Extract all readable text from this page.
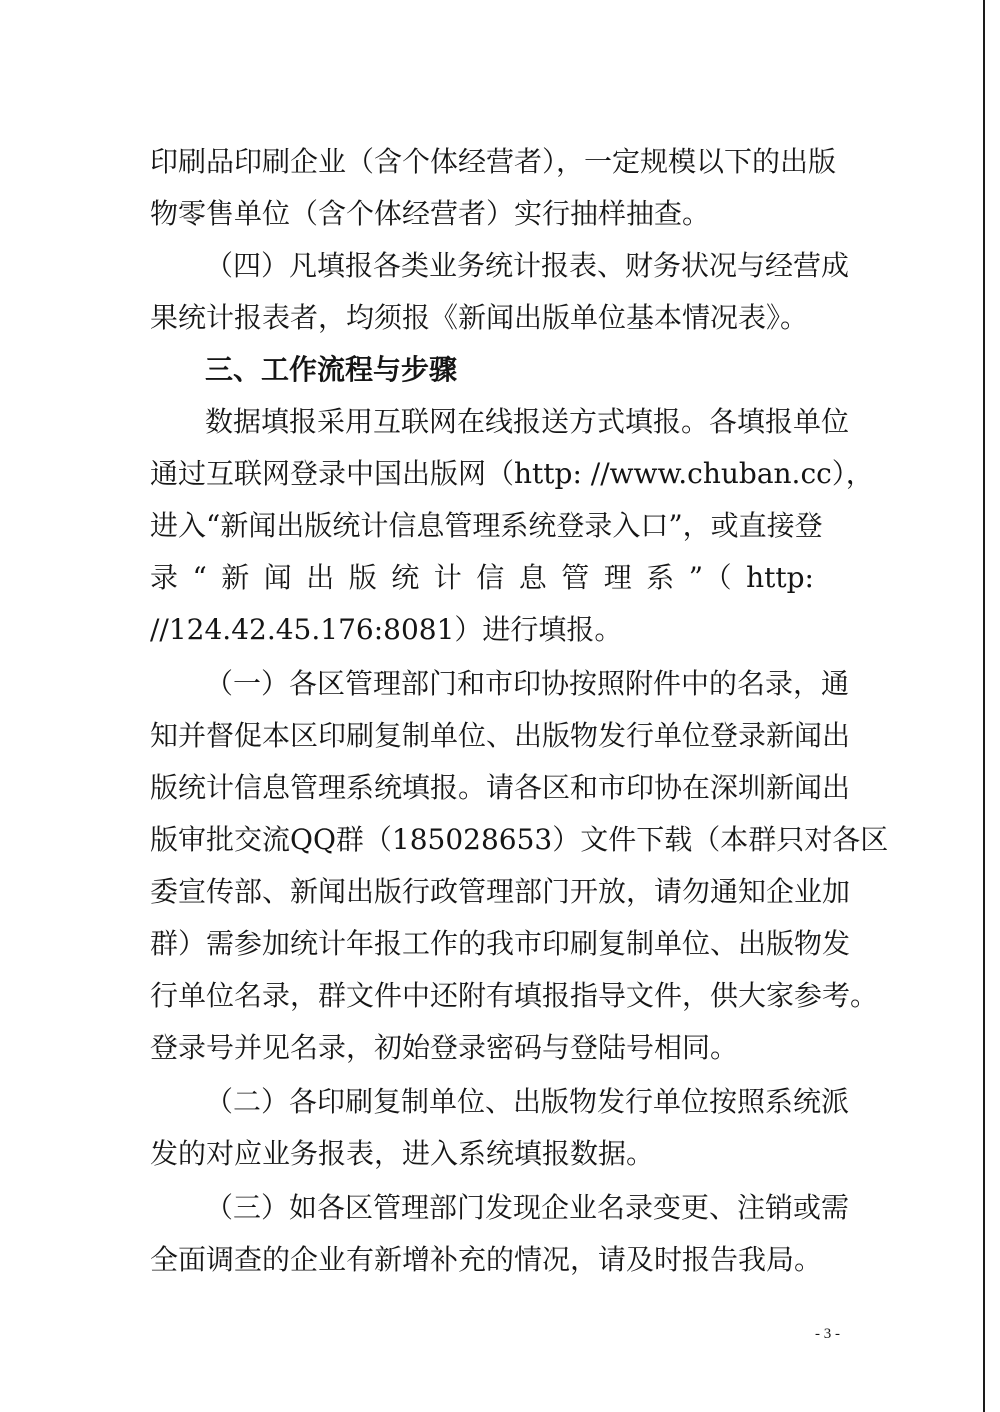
印刷品印刷企业（含个体经营者），一定规模以下的出版
物零售单位（含个体经营者）实行抽样抽查。
（四）凡填报各类业务统计报表、财务状况与经营成
果统计报表者，均须报《新闻出版单位基本情况表》。
三、工作流程与步骤
数据填报采用互联网在线报送方式填报。各填报单位
通过互联网登录中国出版网（http: //www.chuban.cc），
进入“新闻出版统计信息管理系统登录入口”，或直接登
录“新闻出版统计信息管理系”（http:
//124.42.45.176:8081）进行填报。
（一）各区管理部门和市印协按照附件中的名录，通
知并督促本区印刷复制单位、出版物发行单位登录新闻出
版统计信息管理系统填报。请各区和市印协在深圳新闻出
版审批交流QQ群（185028653）文件下载（本群只对各区
委宣传部、新闻出版行政管理部门开放，请勿通知企业加
群）需参加统计年报工作的我市印刷复制单位、出版物发
行单位名录，群文件中还附有填报指导文件，供大家参考。
登录号并见名录，初始登录密码与登陆号相同。
（二）各印刷复制单位、出版物发行单位按照系统派
发的对应业务报表，进入系统填报数据。
（三）如各区管理部门发现企业名录变更、注销或需
全面调查的企业有新增补充的情况，请及时报告我局。
- 3 -
